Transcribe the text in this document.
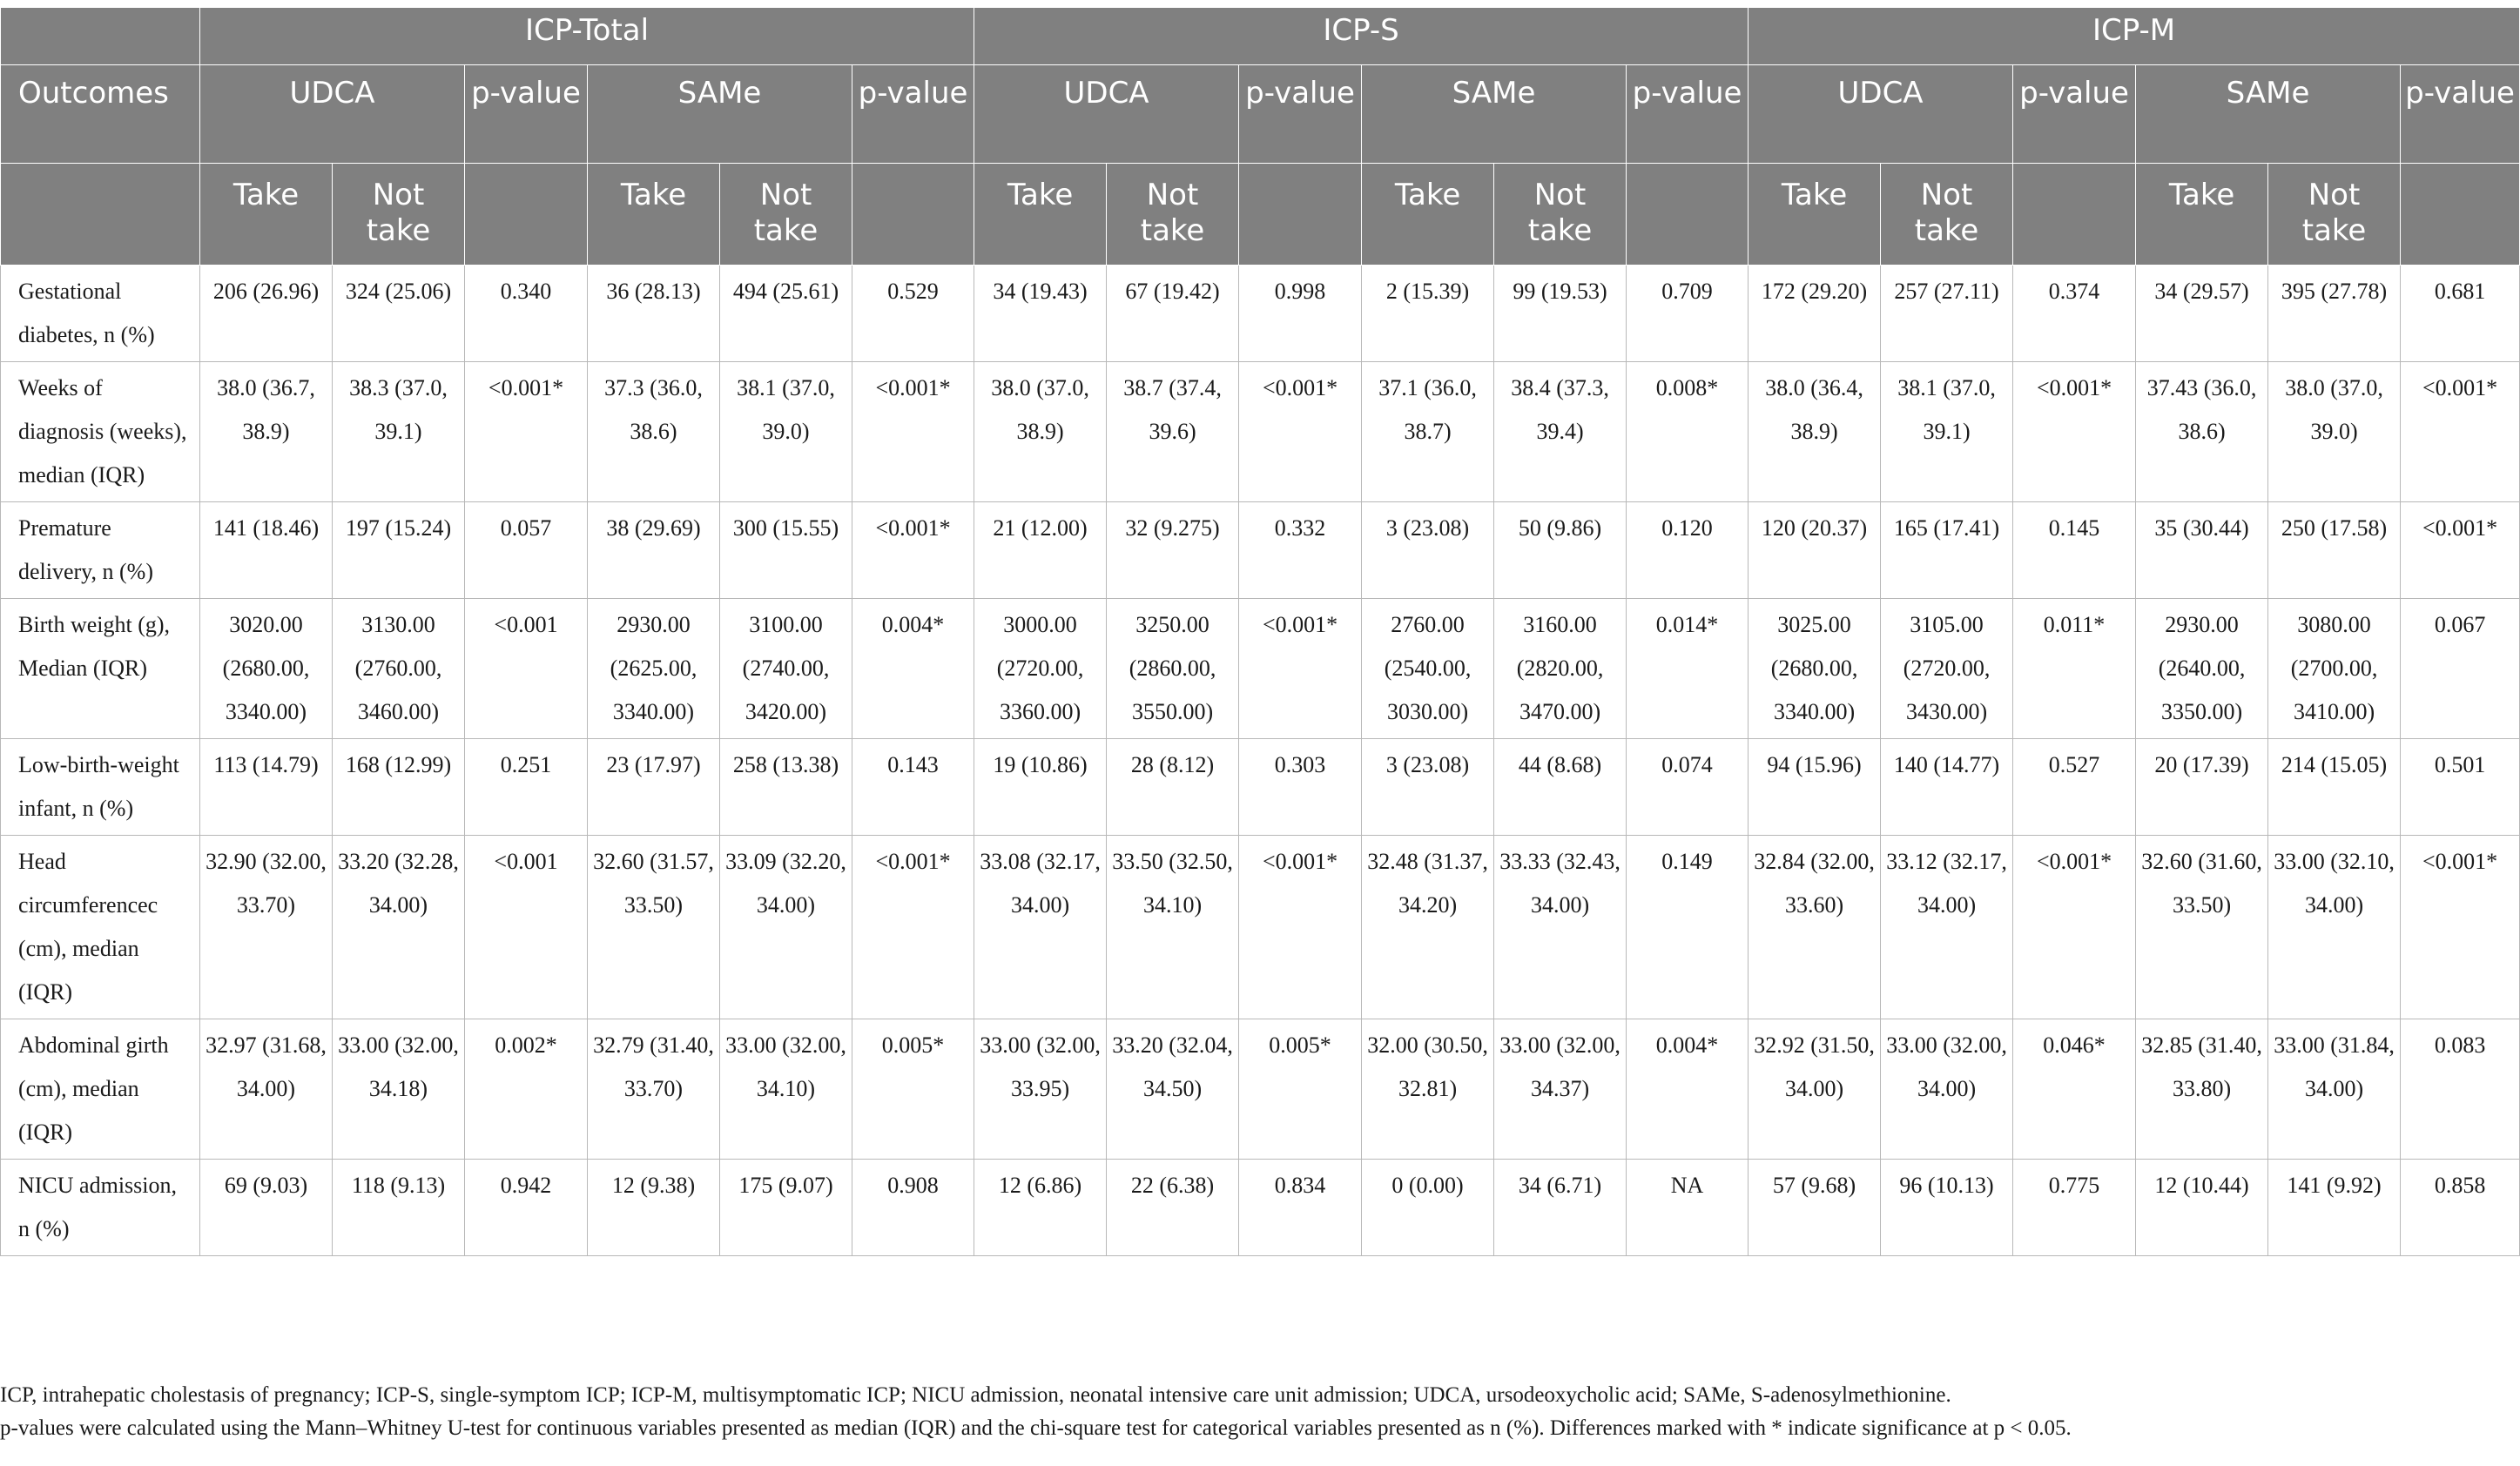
	ICP-Total						ICP-S						ICP-M					
Outcomes	UDCA		p-value	SAMe		p-value	UDCA		p-value	SAMe		p-value	UDCA		p-value	SAMe		p-value
	Take	Not take		Take	Not take		Take	Not take		Take	Not take		Take	Not take		Take	Not take	
Gestational diabetes, n (%)	206 (26.96)	324 (25.06)	0.340	36 (28.13)	494 (25.61)	0.529	34 (19.43)	67 (19.42)	0.998	2 (15.39)	99 (19.53)	0.709	172 (29.20)	257 (27.11)	0.374	34 (29.57)	395 (27.78)	0.681
Weeks of diagnosis (weeks), median (IQR)	38.0 (36.7, 38.9)	38.3 (37.0, 39.1)	<0.001*	37.3 (36.0, 38.6)	38.1 (37.0, 39.0)	<0.001*	38.0 (37.0, 38.9)	38.7 (37.4, 39.6)	<0.001*	37.1 (36.0, 38.7)	38.4 (37.3, 39.4)	0.008*	38.0 (36.4, 38.9)	38.1 (37.0, 39.1)	<0.001*	37.43 (36.0, 38.6)	38.0 (37.0, 39.0)	<0.001*
Premature delivery, n (%)	141 (18.46)	197 (15.24)	0.057	38 (29.69)	300 (15.55)	<0.001*	21 (12.00)	32 (9.275)	0.332	3 (23.08)	50 (9.86)	0.120	120 (20.37)	165 (17.41)	0.145	35 (30.44)	250 (17.58)	<0.001*
Birth weight (g), Median (IQR)	3020.00 (2680.00, 3340.00)	3130.00 (2760.00, 3460.00)	<0.001	2930.00 (2625.00, 3340.00)	3100.00 (2740.00, 3420.00)	0.004*	3000.00 (2720.00, 3360.00)	3250.00 (2860.00, 3550.00)	<0.001*	2760.00 (2540.00, 3030.00)	3160.00 (2820.00, 3470.00)	0.014*	3025.00 (2680.00, 3340.00)	3105.00 (2720.00, 3430.00)	0.011*	2930.00 (2640.00, 3350.00)	3080.00 (2700.00, 3410.00)	0.067
Low-birth-weight infant, n (%)	113 (14.79)	168 (12.99)	0.251	23 (17.97)	258 (13.38)	0.143	19 (10.86)	28 (8.12)	0.303	3 (23.08)	44 (8.68)	0.074	94 (15.96)	140 (14.77)	0.527	20 (17.39)	214 (15.05)	0.501
Head circumferencec (cm), median (IQR)	32.90 (32.00, 33.70)	33.20 (32.28, 34.00)	<0.001	32.60 (31.57, 33.50)	33.09 (32.20, 34.00)	<0.001*	33.08 (32.17, 34.00)	33.50 (32.50, 34.10)	<0.001*	32.48 (31.37, 34.20)	33.33 (32.43, 34.00)	0.149	32.84 (32.00, 33.60)	33.12 (32.17, 34.00)	<0.001*	32.60 (31.60, 33.50)	33.00 (32.10, 34.00)	<0.001*
Abdominal girth (cm), median (IQR)	32.97 (31.68, 34.00)	33.00 (32.00, 34.18)	0.002*	32.79 (31.40, 33.70)	33.00 (32.00, 34.10)	0.005*	33.00 (32.00, 33.95)	33.20 (32.04, 34.50)	0.005*	32.00 (30.50, 32.81)	33.00 (32.00, 34.37)	0.004*	32.92 (31.50, 34.00)	33.00 (32.00, 34.00)	0.046*	32.85 (31.40, 33.80)	33.00 (31.84, 34.00)	0.083
NICU admission, n (%)	69 (9.03)	118 (9.13)	0.942	12 (9.38)	175 (9.07)	0.908	12 (6.86)	22 (6.38)	0.834	0 (0.00)	34 (6.71)	NA	57 (9.68)	96 (10.13)	0.775	12 (10.44)	141 (9.92)	0.858

ICP, intrahepatic cholestasis of pregnancy; ICP-S, single-symptom ICP; ICP-M, multisymptomatic ICP; NICU admission, neonatal intensive care unit admission; UDCA, ursodeoxycholic acid; SAMe, S-adenosylmethionine.

p-values were calculated using the Mann–Whitney U-test for continuous variables presented as median (IQR) and the chi-square test for categorical variables presented as n (%). Differences marked with * indicate significance at p < 0.05.
